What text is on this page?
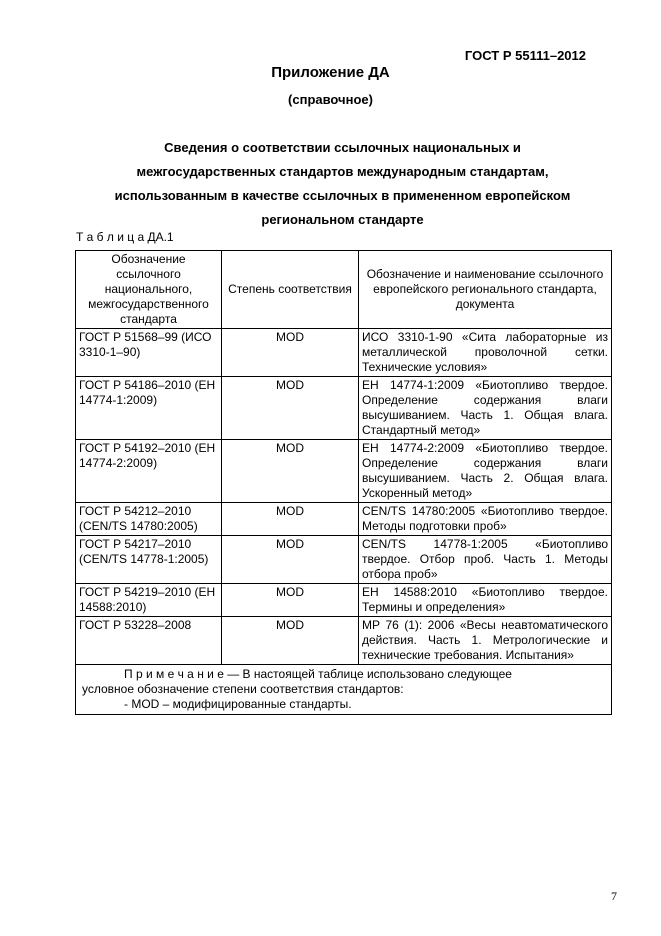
ГОСТ Р 55111–2012
Приложение ДА
(справочное)
Сведения о соответствии ссылочных национальных и
межгосударственных стандартов международным стандартам,
использованным в качестве ссылочных в примененном европейском
региональном стандарте
Т а б л и ц а ДА.1
Обозначение ссылочного национального, межгосударственного стандарта	Степень соответствия	Обозначение и наименование ссылочного европейского регионального стандарта, документа
ГОСТ Р 51568–99 (ИСО 3310-1–90)	MOD	ИСО 3310-1-90 «Сита лабораторные из металлической проволочной сетки. Технические условия»
ГОСТ Р 54186–2010 (ЕН 14774-1:2009)	MOD	ЕН 14774-1:2009 «Биотопливо твердое. Определение содержания влаги высушиванием. Часть 1. Общая влага. Стандартный метод»
ГОСТ Р 54192–2010 (ЕН 14774-2:2009)	MOD	ЕН 14774-2:2009 «Биотопливо твердое. Определение содержания влаги высушиванием. Часть 2. Общая влага. Ускоренный метод»
ГОСТ Р 54212–2010 (CEN/TS 14780:2005)	MOD	CEN/TS 14780:2005 «Биотопливо твердое. Методы подготовки проб»
ГОСТ Р 54217–2010 (CEN/TS 14778-1:2005)	MOD	CEN/TS 14778-1:2005 «Биотопливо твердое. Отбор проб. Часть 1. Методы отбора проб»
ГОСТ Р 54219–2010 (ЕН 14588:2010)	MOD	ЕН 14588:2010 «Биотопливо твердое. Термины и определения»
ГОСТ Р 53228–2008	MOD	МР 76 (1): 2006 «Весы неавтоматического действия. Часть 1. Метрологические и технические требования. Испытания»

П р и м е ч а н и е — В настоящей таблице использовано следующее
условное обозначение степени соответствия стандартов:
- MOD – модифицированные стандарты.		
7
